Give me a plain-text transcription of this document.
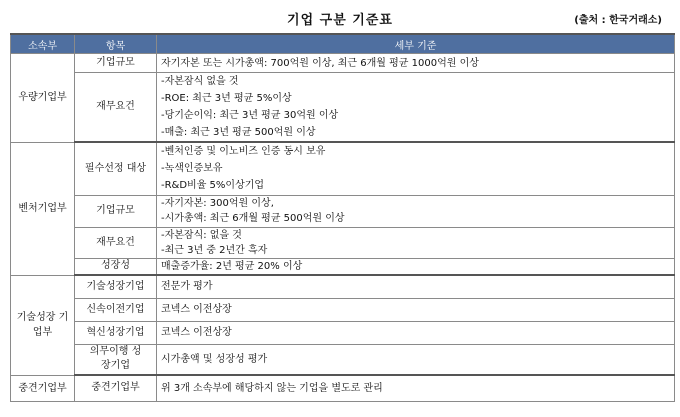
기업 구분 기준표	(출처 : 한국거래소)
소속부	항목	세부 기준
우량기업부	기업규모	자기자본 또는 시가총액: 700억원 이상, 최근 6개월 평균 1000억원 이상

	재무요건	-자본잠식 없을 것
-ROE: 최근 3년 평균 5%이상
-당기순이익: 최근 3년 평균 30억원 이상
-매출: 최근 3년 평균 500억원 이상

벤처기업부	필수선정 대상	-벤처인증 및 이노비즈 인증 동시 보유
-녹색인증보유
-R&D비율 5%이상기업

	기업규모	-자기자본: 300억원 이상,
-시가총액: 최근 6개월 평균 500억원 이상

	재무요건	-자본잠식: 없을 것
-최근 3년 중 2년간 흑자

	성장성	매출증가율: 2년 평균 20% 이상

기술성장 기업부	기술성장기업	전문가 평가

	신속이전기업	코넥스 이전상장

	혁신성장기업	코넥스 이전상장

	의무이행 성장기업	시가총액 및 성장성 평가

중견기업부	중견기업부	위 3개 소속부에 해당하지 않는 기업을 별도로 관리
